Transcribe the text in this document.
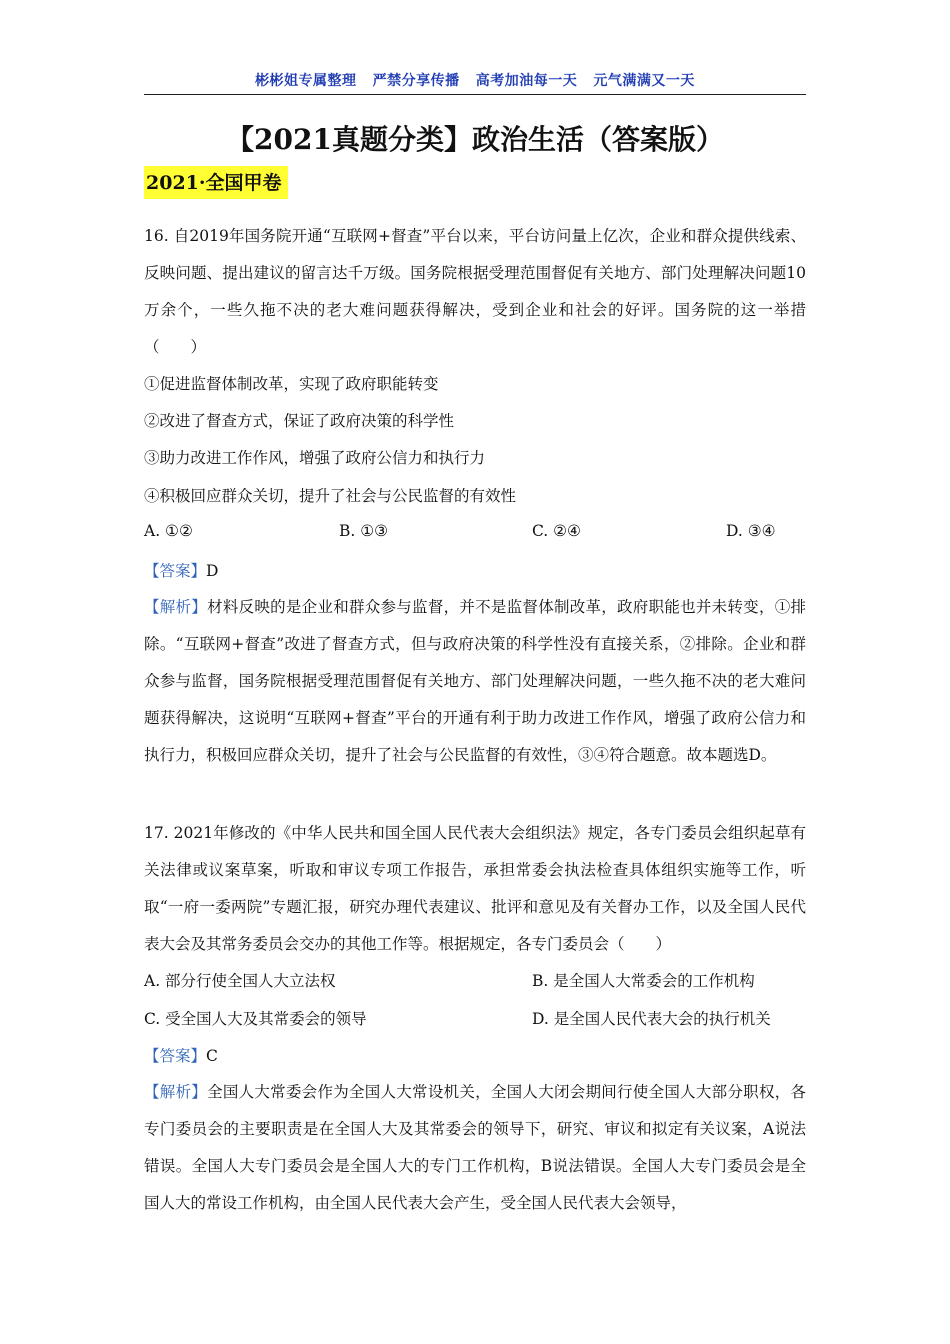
彬彬姐专属整理   严禁分享传播   高考加油每一天   元气满满又一天
【2021真题分类】政治生活（答案版）
2021·全国甲卷

16. 自2019年国务院开通“互联网+督查”平台以来，平台访问量上亿次，企业和群众提供线索、反映问题、提出建议的留言达千万级。国务院根据受理范围督促有关地方、部门处理解决问题10万余个，一些久拖不决的老大难问题获得解决，受到企业和社会的好评。国务院的这一举措（　　）

①促进监督体制改革，实现了政府职能转变
②改进了督查方式，保证了政府决策的科学性
③助力改进工作作风，增强了政府公信力和执行力
④积极回应群众关切，提升了社会与公民监督的有效性
A. ①②	B. ①③	C. ②④	D. ③④
【答案】D

【解析】材料反映的是企业和群众参与监督，并不是监督体制改革，政府职能也并未转变，①排除。“互联网+督查”改进了督查方式，但与政府决策的科学性没有直接关系，②排除。企业和群众参与监督，国务院根据受理范围督促有关地方、部门处理解决问题，一些久拖不决的老大难问题获得解决，这说明“互联网+督查”平台的开通有利于助力改进工作作风，增强了政府公信力和执行力，积极回应群众关切，提升了社会与公民监督的有效性，③④符合题意。故本题选D。

17. 2021年修改的《中华人民共和国全国人民代表大会组织法》规定，各专门委员会组织起草有关法律或议案草案，听取和审议专项工作报告，承担常委会执法检查具体组织实施等工作，听取“一府一委两院”专题汇报，研究办理代表建议、批评和意见及有关督办工作，以及全国人民代表大会及其常务委员会交办的其他工作等。根据规定，各专门委员会（　　）

A. 部分行使全国人大立法权	B. 是全国人大常委会的工作机构
C. 受全国人大及其常委会的领导	D. 是全国人民代表大会的执行机关
【答案】C

【解析】全国人大常委会作为全国人大常设机关，全国人大闭会期间行使全国人大部分职权，各专门委员会的主要职责是在全国人大及其常委会的领导下，研究、审议和拟定有关议案，A说法错误。全国人大专门委员会是全国人大的专门工作机构，B说法错误。全国人大专门委员会是全国人大的常设工作机构，由全国人民代表大会产生，受全国人民代表大会领导，
